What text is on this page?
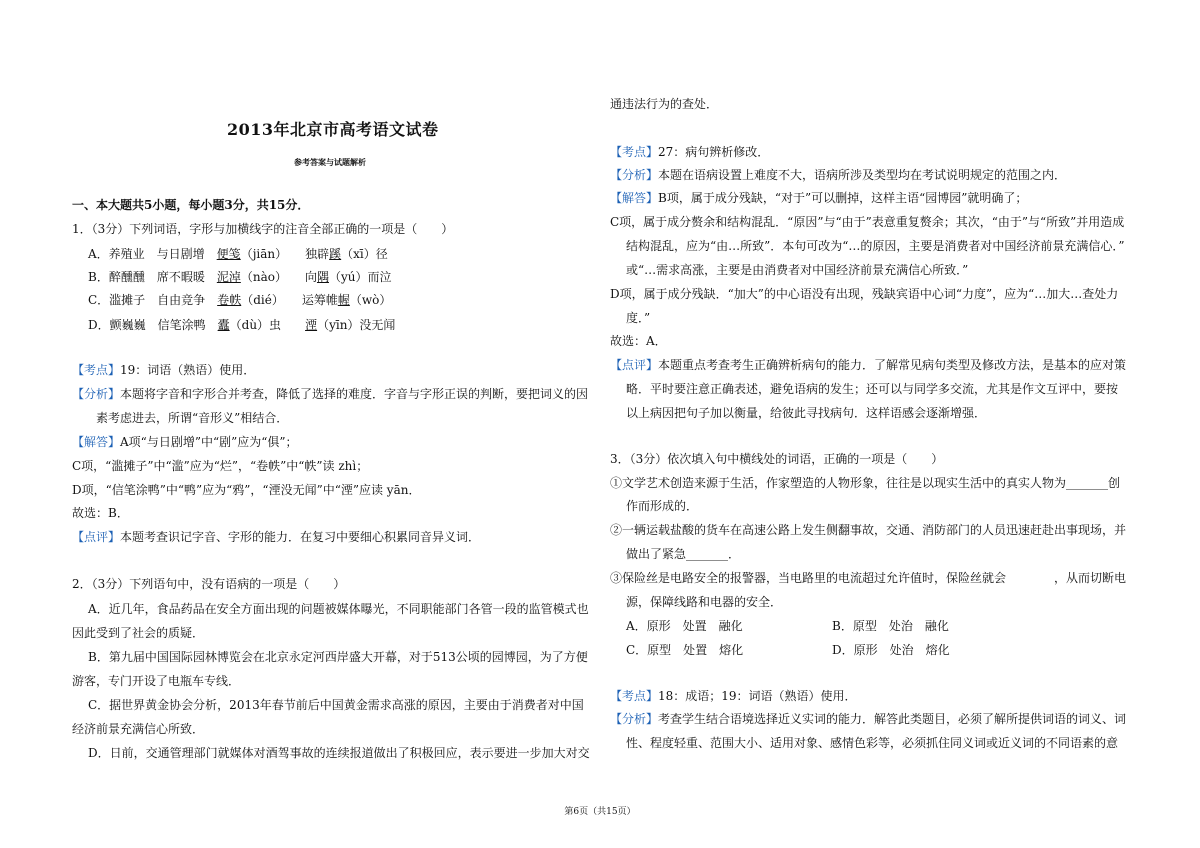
2013年北京市高考语文试卷
参考答案与试题解析
一、本大题共5小题，每小题3分，共15分．
1．（3分）下列词语，字形与加横线字的注音全部正确的一项是（　　）
A．养殖业　与日剧增　便笺（jiān）　　独辟蹊（xī）径
B．醉醺醺　席不暇暖　泥淖（nào）　　向隅（yú）而泣
C．滥摊子　自由竞争　卷帙（dié）　　运筹帷幄（wò）
D．颤巍巍　信笔涂鸭　蠹（dù）虫　　湮（yīn）没无闻
【考点】19：词语（熟语）使用．
【分析】本题将字音和字形合并考查，降低了选择的难度．字音与字形正误的判断，要把词义的因
素考虑进去，所谓“音形义”相结合．
【解答】A项“与日剧增”中“剧”应为“俱”；
C项，“滥摊子”中“滥”应为“烂”，“卷帙”中“帙”读 zhì；
D项，“信笔涂鸭”中“鸭”应为“鸦”，“湮没无闻”中“湮”应读 yān．
故选：B．
【点评】本题考查识记字音、字形的能力．在复习中要细心积累同音异义词．
2．（3分）下列语句中，没有语病的一项是（　　）
A．近几年，食品药品在安全方面出现的问题被媒体曝光，不同职能部门各管一段的监管模式也
因此受到了社会的质疑．
B．第九届中国国际园林博览会在北京永定河西岸盛大开幕，对于513公顷的园博园，为了方便
游客，专门开设了电瓶车专线．
C．据世界黄金协会分析，2013年春节前后中国黄金需求高涨的原因，主要由于消费者对中国
经济前景充满信心所致．
D．日前，交通管理部门就媒体对酒驾事故的连续报道做出了积极回应，表示要进一步加大对交
通违法行为的查处．
【考点】27：病句辨析修改．
【分析】本题在语病设置上难度不大，语病所涉及类型均在考试说明规定的范围之内．
【解答】B项，属于成分残缺，“对于”可以删掉，这样主语“园博园”就明确了；
C项，属于成分赘余和结构混乱．“原因”与“由于”表意重复赘余；其次，“由于”与“所致”并用造成
结构混乱，应为“由…所致”．本句可改为“…的原因，主要是消费者对中国经济前景充满信心．”
或“…需求高涨，主要是由消费者对中国经济前景充满信心所致．”
D项，属于成分残缺．“加大”的中心语没有出现，残缺宾语中心词“力度”，应为“…加大…查处力
度．”
故选：A．
【点评】本题重点考查考生正确辨析病句的能力．了解常见病句类型及修改方法，是基本的应对策
略．平时要注意正确表述，避免语病的发生；还可以与同学多交流，尤其是作文互评中，要按
以上病因把句子加以衡量，给彼此寻找病句．这样语感会逐渐增强．
3．（3分）依次填入句中横线处的词语，正确的一项是（　　）
①文学艺术创造来源于生活，作家塑造的人物形象，往往是以现实生活中的真实人物为_______创
作而形成的．
②一辆运载盐酸的货车在高速公路上发生侧翻事故，交通、消防部门的人员迅速赶赴出事现场，并
做出了紧急_______．
③保险丝是电路安全的报警器，当电路里的电流超过允许值时，保险丝就会　　　　，从而切断电
源，保障线路和电器的安全．
A．原形　处置　融化	B．原型　处治　融化
C．原型　处置　熔化	D．原形　处治　熔化
【考点】18：成语；19：词语（熟语）使用．
【分析】考查学生结合语境选择近义实词的能力．解答此类题目，必须了解所提供词语的词义、词
性、程度轻重、范围大小、适用对象、感情色彩等，必须抓住同义词或近义词的不同语素的意
第6页（共15页）
